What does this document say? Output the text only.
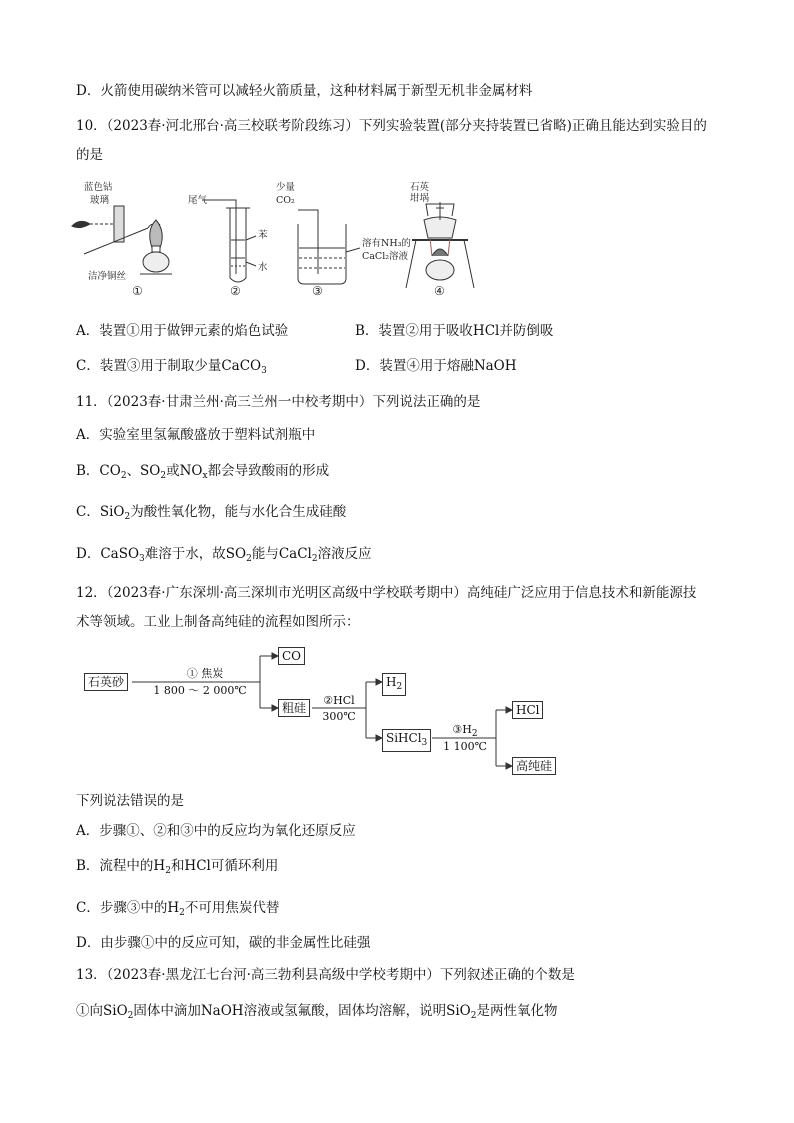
D．火箭使用碳纳米管可以减轻火箭质量，这种材料属于新型无机非金属材料
10．（2023春·河北邢台·高三校联考阶段练习）下列实验装置(部分夹持装置已省略)正确且能达到实验目的
的是
蓝色钴
玻璃
洁净铜丝
①
尾气
苯
水
②
少量
CO₂
溶有NH₃的
CaCl₂溶液
③
石英
坩埚
④
A．装置①用于做钾元素的焰色试验	B．装置②用于吸收HCl并防倒吸
C．装置③用于制取少量CaCO$_3$	D．装置④用于熔融NaOH
11．（2023春·甘肃兰州·高三兰州一中校考期中）下列说法正确的是
A．实验室里氢氟酸盛放于塑料试剂瓶中
B．$CO_2$、$SO_2$或$NO_x$都会导致酸雨的形成
C．SiO$_2$为酸性氧化物，能与水化合生成硅酸
D．CaSO$_3$难溶于水，故$SO_2$能与CaCl$_2$溶液反应
12．（2023春·广东深圳·高三深圳市光明区高级中学校联考期中）高纯硅广泛应用于信息技术和新能源技
术等领域。工业上制备高纯硅的流程如图所示：
石英砂
① 焦炭
1 800 ～ 2 000℃
CO
粗硅
②HCl
300℃
$H_2$
SiHCl$_3$
$③H_2$
1 100℃
HCl
高纯硅
下列说法错误的是
A．步骤①、②和③中的反应均为氧化还原反应
B．流程中的$H_2$和HCl可循环利用
C．步骤③中的$H_2$不可用焦炭代替
D．由步骤①中的反应可知，碳的非金属性比硅强
13．（2023春·黑龙江七台河·高三勃利县高级中学校考期中）下列叙述正确的个数是
①向SiO$_2$固体中滴加NaOH溶液或氢氟酸，固体均溶解，说明SiO$_2$是两性氧化物
